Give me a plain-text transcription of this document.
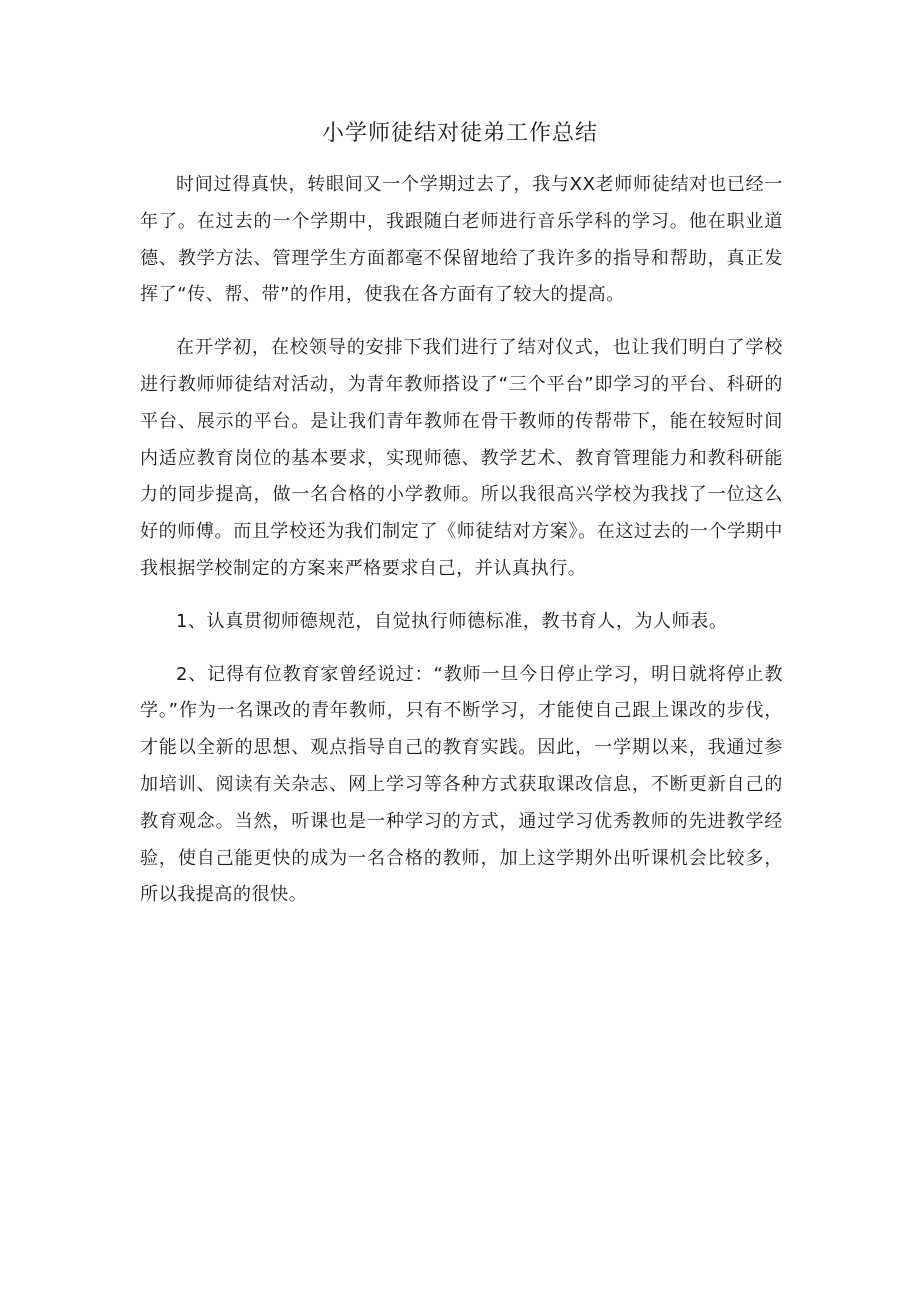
小学师徒结对徒弟工作总结

时间过得真快，转眼间又一个学期过去了，我与XX老师师徒结对也已经一年了。在过去的一个学期中，我跟随白老师进行音乐学科的学习。他在职业道德、教学方法、管理学生方面都毫不保留地给了我许多的指导和帮助，真正发挥了“传、帮、带”的作用，使我在各方面有了较大的提高。

在开学初，在校领导的安排下我们进行了结对仪式，也让我们明白了学校进行教师师徒结对活动，为青年教师搭设了“三个平台”即学习的平台、科研的平台、展示的平台。是让我们青年教师在骨干教师的传帮带下，能在较短时间内适应教育岗位的基本要求，实现师德、教学艺术、教育管理能力和教科研能力的同步提高，做一名合格的小学教师。所以我很高兴学校为我找了一位这么好的师傅。而且学校还为我们制定了《师徒结对方案》。在这过去的一个学期中我根据学校制定的方案来严格要求自己，并认真执行。

1、认真贯彻师德规范，自觉执行师德标准，教书育人，为人师表。

2、记得有位教育家曾经说过：“教师一旦今日停止学习，明日就将停止教学。”作为一名课改的青年教师，只有不断学习，才能使自己跟上课改的步伐，才能以全新的思想、观点指导自己的教育实践。因此，一学期以来，我通过参加培训、阅读有关杂志、网上学习等各种方式获取课改信息，不断更新自己的教育观念。当然，听课也是一种学习的方式，通过学习优秀教师的先进教学经验，使自己能更快的成为一名合格的教师，加上这学期外出听课机会比较多，所以我提高的很快。
